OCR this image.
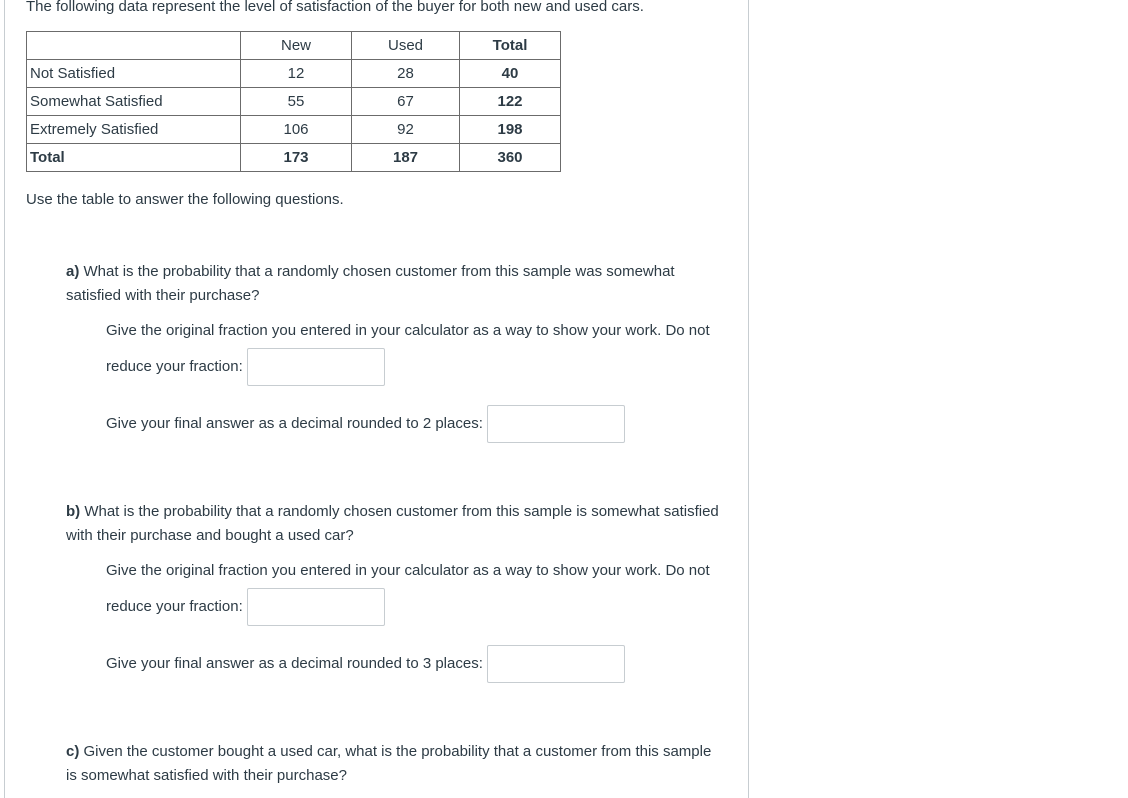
The following data represent the level of satisfaction of the buyer for both new and used cars.
	New	Used	Total
Not Satisfied	12	28	40
Somewhat Satisfied	55	67	122
Extremely Satisfied	106	92	198
Total	173	187	360
Use the table to answer the following questions.
a) What is the probability that a randomly chosen customer from this sample was somewhat satisfied with their purchase?
Give the original fraction you entered in your calculator as a way to show your work. Do not reduce your fraction:
Give your final answer as a decimal rounded to 2 places:
b) What is the probability that a randomly chosen customer from this sample is somewhat satisfied with their purchase and bought a used car?
Give the original fraction you entered in your calculator as a way to show your work. Do not reduce your fraction:
Give your final answer as a decimal rounded to 3 places:
c) Given the customer bought a used car, what is the probability that a customer from this sample is somewhat satisfied with their purchase?
